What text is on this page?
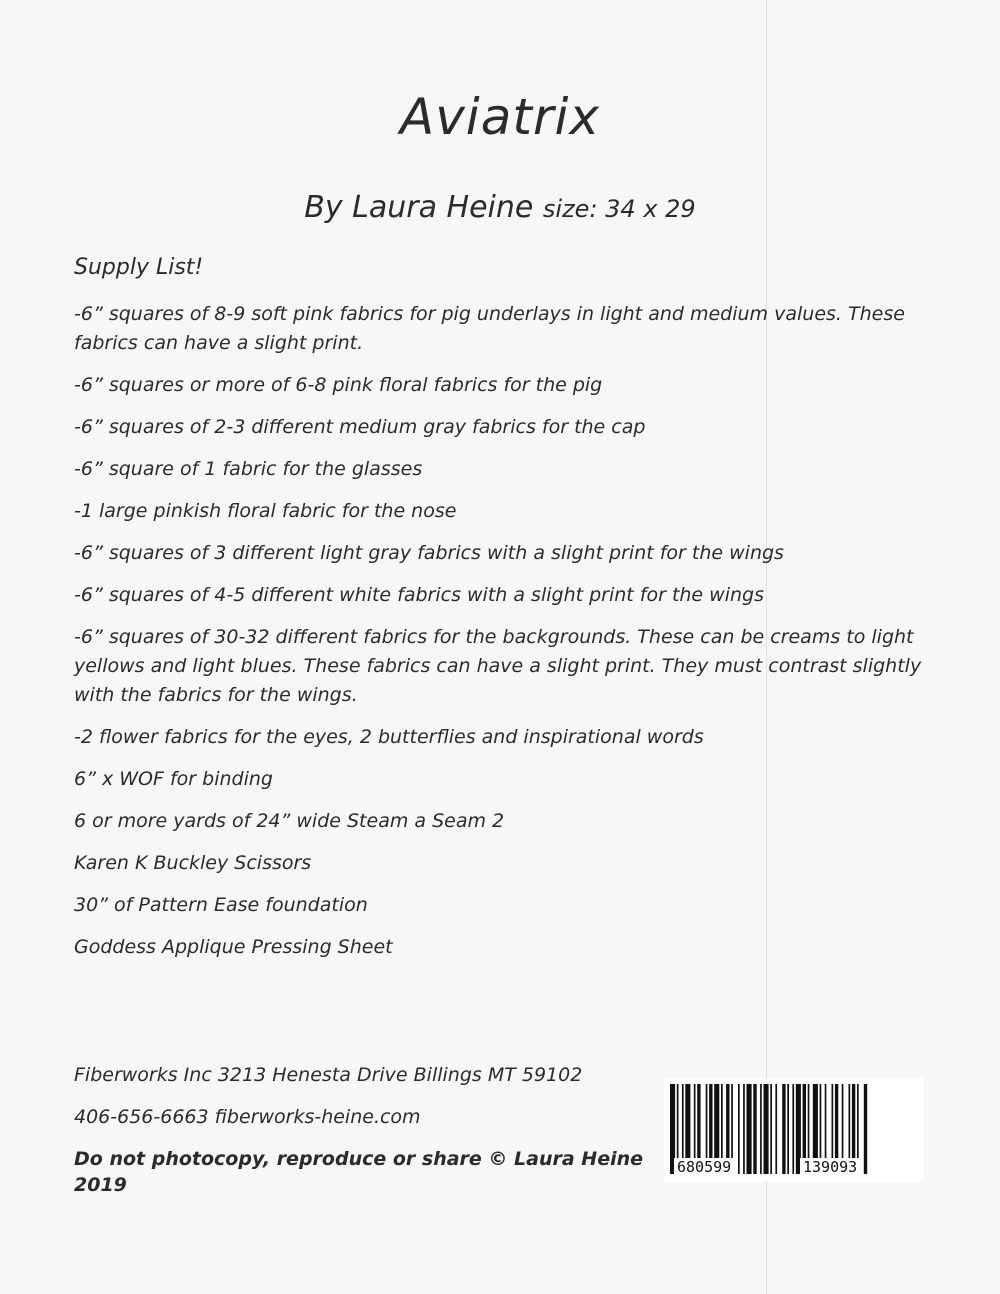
Aviatrix

By Laura Heine size: 34 x 29

Supply List!

-6” squares of 8-9 soft pink fabrics for pig underlays in light and medium values. These fabrics can have a slight print.
-6” squares or more of 6-8 pink floral fabrics for the pig
-6” squares of 2-3 different medium gray fabrics for the cap
-6” square of 1 fabric for the glasses
-1 large pinkish floral fabric for the nose
-6” squares of 3 different light gray fabrics with a slight print for the wings
-6” squares of 4-5 different white fabrics with a slight print for the wings
-6” squares of 30-32 different fabrics for the backgrounds. These can be creams to light yellows and light blues. These fabrics can have a slight print. They must contrast slightly with the fabrics for the wings.
-2 flower fabrics for the eyes, 2 butterflies and inspirational words
6” x WOF for binding
6 or more yards of 24” wide Steam a Seam 2
Karen K Buckley Scissors
30” of Pattern Ease foundation
Goddess Applique Pressing Sheet

Fiberworks Inc 3213 Henesta Drive Billings MT 59102

406-656-6663 fiberworks-heine.com

Do not photocopy, reproduce or share © Laura Heine 2019

680599	139093
